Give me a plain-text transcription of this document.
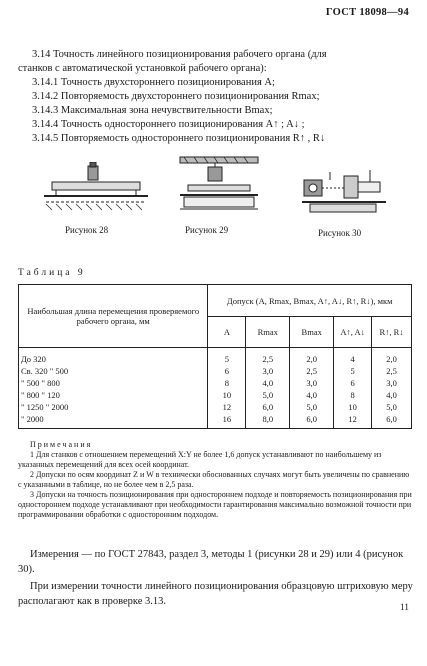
ГОСТ 18098—94
3.14 Точность линейного позиционирования рабочего органа (для
станков с автоматической установкой рабочего органа):
3.14.1 Точность двухстороннего позиционирования A;
3.14.2 Повторяемость двухстороннего позиционирования Rmax;
3.14.3 Максимальная зона нечувствительности Bmax;
3.14.4 Точность одностороннего позиционирования A↑ ; A↓ ;
3.14.5 Повторяемость одностороннего позиционирования R↑ , R↓
Рисунок 28	Рисунок 29	Рисунок 30
Таблица 9
Наибольшая длина перемещения проверяемого рабочего органа, мм	Допуск (A, Rmax, Bmax, A↑, A↓, R↑, R↓), мкм				
	A	Rmax	Bmax	A↑, A↓	R↑, R↓
До 320	5	2,5	2,0	4	2,0
Св. 320 " 500	6	3,0	2,5	5	2,5
" 500 " 800	8	4,0	3,0	6	3,0
" 800 " 120	10	5,0	4,0	8	4,0
" 1250 " 2000	12	6,0	5,0	10	5,0
" 2000	16	8,0	6,0	12	6,0

Примечания

1 Для станков с отношением перемещений X:Y не более 1,6 допуск устанавливают по наибольшему из указанных перемещений для всех осей координат.

2 Допуски по осям координат Z и W в технически обоснованных случаях могут быть увеличены по сравнению с указанными в таблице, но не более чем в 2,5 раза.

3 Допуски на точность позиционирования при одностороннем подходе и повторяемость позиционирования при одностороннем подходе устанавливают при необходимости гарантирования максимально возможной точности при программировании обработки с односторонним подходом.

Измерения — по ГОСТ 27843, раздел 3, методы 1 (рисунки 28 и 29) или 4 (рисунок 30).

При измерении точности линейного позиционирования образцовую штриховую меру располагают как в проверке 3.13.

11
